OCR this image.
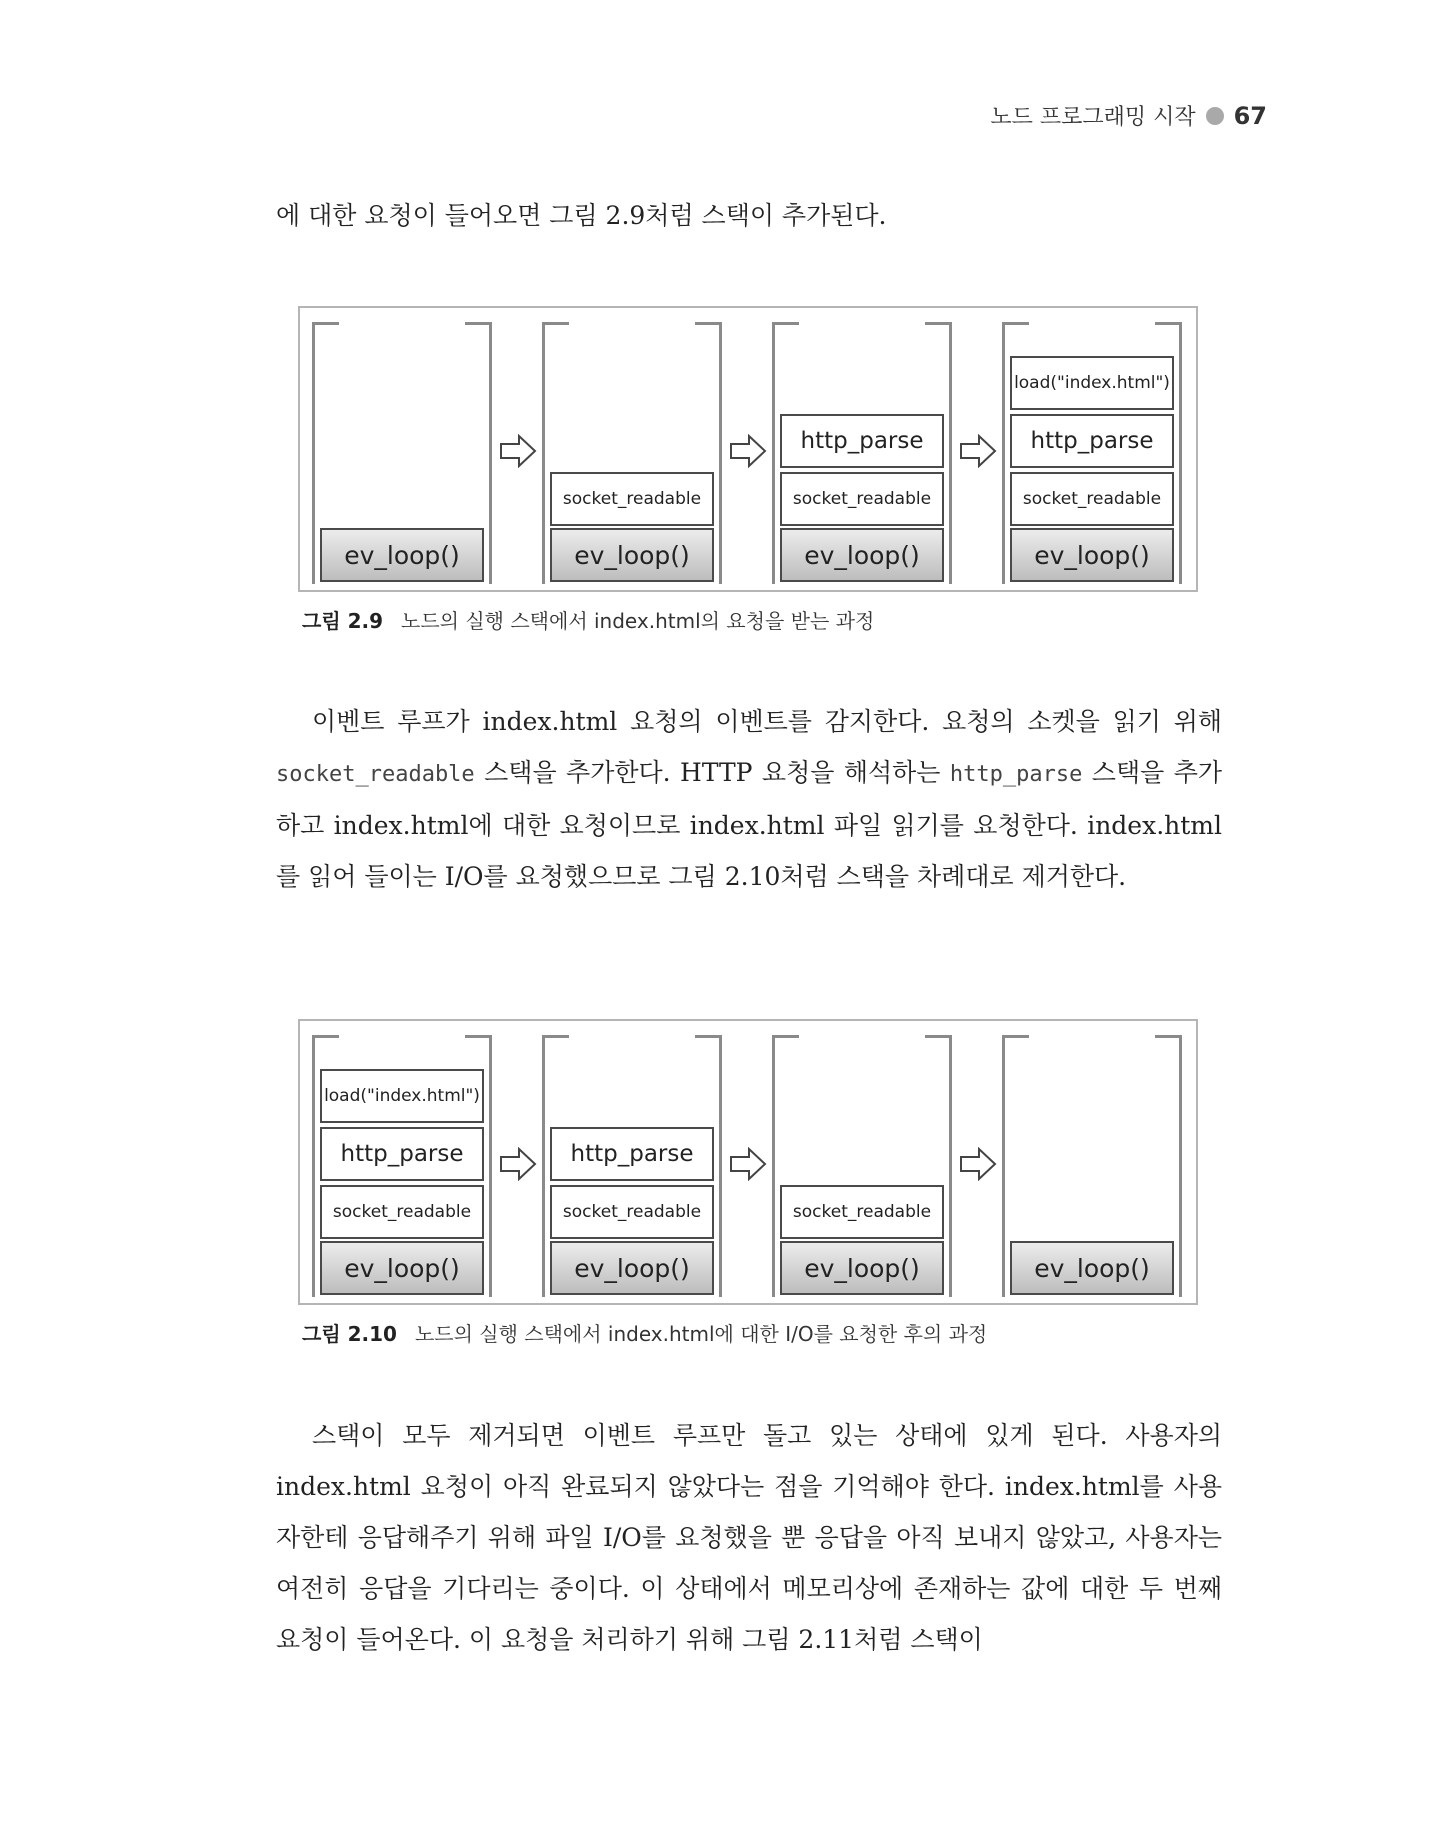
노드 프로그래밍 시작 67

에 대한 요청이 들어오면 그림 2.9처럼 스택이 추가된다.

ev_loop()
socket_readable
ev_loop()
http_parse
socket_readable
ev_loop()
load("index.html")
http_parse
socket_readable
ev_loop()
그림 2.9 노드의 실행 스택에서 index.html의 요청을 받는 과정

이벤트 루프가 index.html 요청의 이벤트를 감지한다. 요청의 소켓을 읽기 위해 socket_readable 스택을 추가한다. HTTP 요청을 해석하는 http_parse 스택을 추가하고 index.html에 대한 요청이므로 index.html 파일 읽기를 요청한다. index.html를 읽어 들이는 I/O를 요청했으므로 그림 2.10처럼 스택을 차례대로 제거한다.

load("index.html")
http_parse
socket_readable
ev_loop()
http_parse
socket_readable
ev_loop()
socket_readable
ev_loop()	ev_loop()
그림 2.10 노드의 실행 스택에서 index.html에 대한 I/O를 요청한 후의 과정

스택이 모두 제거되면 이벤트 루프만 돌고 있는 상태에 있게 된다. 사용자의 index.html 요청이 아직 완료되지 않았다는 점을 기억해야 한다. index.html를 사용자한테 응답해주기 위해 파일 I/O를 요청했을 뿐 응답을 아직 보내지 않았고, 사용자는 여전히 응답을 기다리는 중이다. 이 상태에서 메모리상에 존재하는 값에 대한 두 번째 요청이 들어온다. 이 요청을 처리하기 위해 그림 2.11처럼 스택이
